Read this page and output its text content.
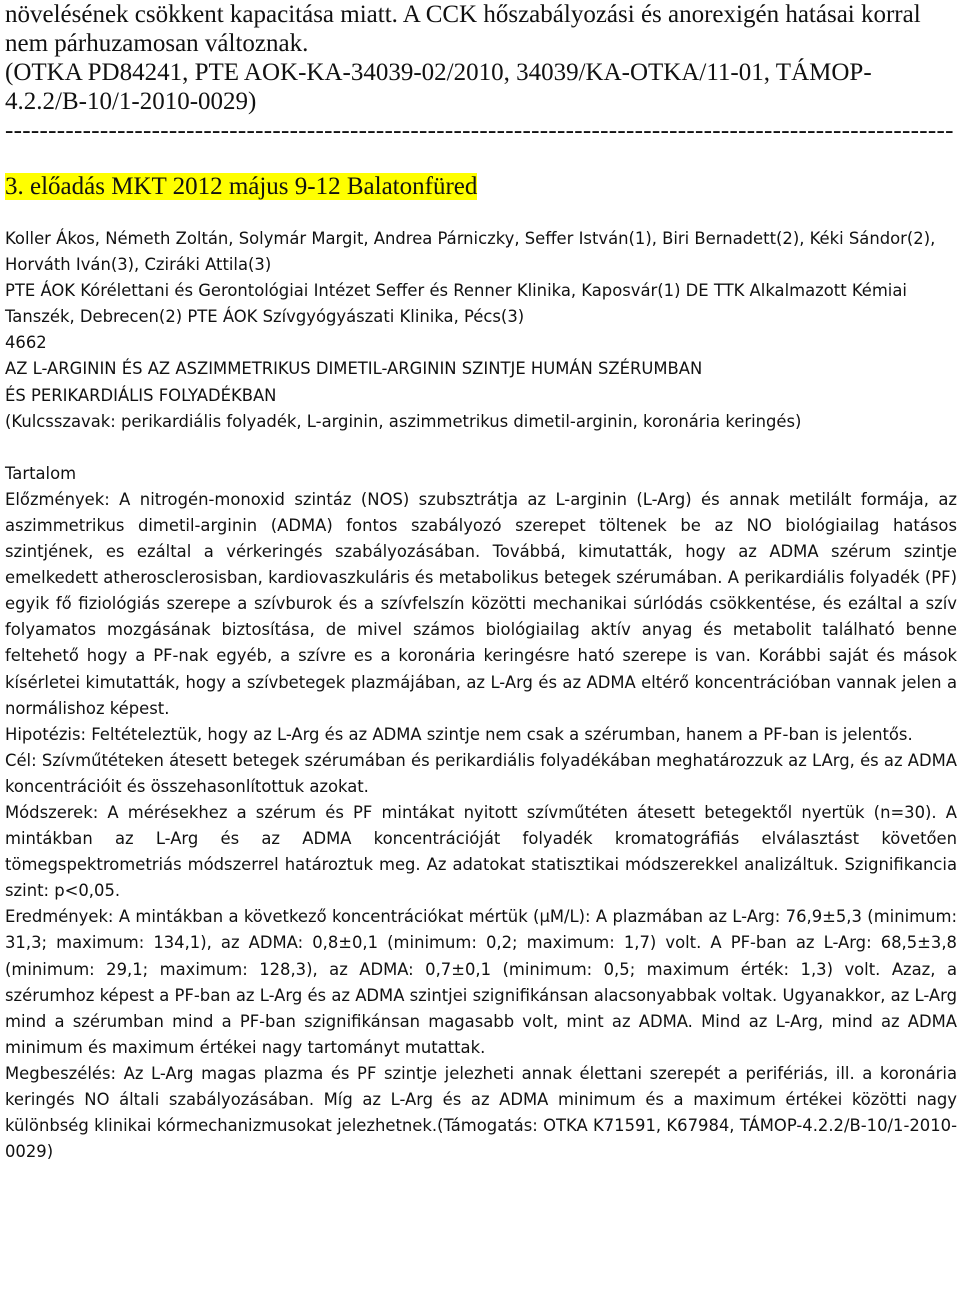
növelésének csökkent kapacitása miatt. A CCK hőszabályozási és anorexigén hatásai korral

nem párhuzamosan változnak.

(OTKA PD84241, PTE AOK-KA-34039-02/2010, 34039/KA-OTKA/11-01, TÁMOP-

4.2.2/B-10/1-2010-0029)

--------------------------------------------------------------------------------------------------------------

3. előadás MKT 2012 május 9-12 Balatonfüred

Koller Ákos, Németh Zoltán, Solymár Margit, Andrea Párniczky, Seffer István(1), Biri Bernadett(2), Kéki Sándor(2), Horváth Iván(3), Cziráki Attila(3)

PTE ÁOK Kórélettani és Gerontológiai Intézet Seffer és Renner Klinika, Kaposvár(1) DE TTK Alkalmazott Kémiai Tanszék, Debrecen(2) PTE ÁOK Szívgyógyászati Klinika, Pécs(3)

4662

AZ L-ARGININ ÉS AZ ASZIMMETRIKUS DIMETIL-ARGININ SZINTJE HUMÁN SZÉRUMBAN

ÉS PERIKARDIÁLIS FOLYADÉKBAN

(Kulcsszavak: perikardiális folyadék, L-arginin, aszimmetrikus dimetil-arginin, koronária keringés)

Tartalom

Előzmények: A nitrogén-monoxid szintáz (NOS) szubsztrátja az L-arginin (L-Arg) és annak metilált formája, az aszimmetrikus dimetil-arginin (ADMA) fontos szabályozó szerepet töltenek be az NO biológiailag hatásos szintjének, es ezáltal a vérkeringés szabályozásában. Továbbá, kimutatták, hogy az ADMA szérum szintje emelkedett atherosclerosisban, kardiovaszkuláris és metabolikus betegek szérumában. A perikardiális folyadék (PF) egyik fő fiziológiás szerepe a szívburok és a szívfelszín közötti mechanikai súrlódás csökkentése, és ezáltal a szív folyamatos mozgásának biztosítása, de mivel számos biológiailag aktív anyag és metabolit található benne feltehető hogy a PF-nak egyéb, a szívre es a koronária keringésre ható szerepe is van. Korábbi saját és mások kísérletei kimutatták, hogy a szívbetegek plazmájában, az L-Arg és az ADMA eltérő koncentrációban vannak jelen a normálishoz képest.

Hipotézis: Feltételeztük, hogy az L-Arg és az ADMA szintje nem csak a szérumban, hanem a PF-ban is jelentős.

Cél: Szívműtéteken átesett betegek szérumában és perikardiális folyadékában meghatározzuk az LArg, és az ADMA koncentrációit és összehasonlítottuk azokat.

Módszerek: A mérésekhez a szérum és PF mintákat nyitott szívműtéten átesett betegektől nyertük (n=30). A mintákban az L-Arg és az ADMA koncentrációját folyadék kromatográfiás elválasztást követően tömegspektrometriás módszerrel határoztuk meg. Az adatokat statisztikai módszerekkel analizáltuk. Szignifikancia szint: p<0,05.

Eredmények: A mintákban a következő koncentrációkat mértük (µM/L): A plazmában az L-Arg: 76,9±5,3 (minimum: 31,3; maximum: 134,1), az ADMA: 0,8±0,1 (minimum: 0,2; maximum: 1,7) volt. A PF-ban az L-Arg: 68,5±3,8 (minimum: 29,1; maximum: 128,3), az ADMA: 0,7±0,1 (minimum: 0,5; maximum érték: 1,3) volt. Azaz, a szérumhoz képest a PF-ban az L-Arg és az ADMA szintjei szignifikánsan alacsonyabbak voltak. Ugyanakkor, az L-Arg mind a szérumban mind a PF-ban szignifikánsan magasabb volt, mint az ADMA. Mind az L-Arg, mind az ADMA minimum és maximum értékei nagy tartományt mutattak.

Megbeszélés: Az L-Arg magas plazma és PF szintje jelezheti annak élettani szerepét a perifériás, ill. a koronária keringés NO általi szabályozásában. Míg az L-Arg és az ADMA minimum és a maximum értékei közötti nagy különbség klinikai kórmechanizmusokat jelezhetnek.(Támogatás: OTKA K71591, K67984, TÁMOP-4.2.2/B-10/1-2010-0029)
